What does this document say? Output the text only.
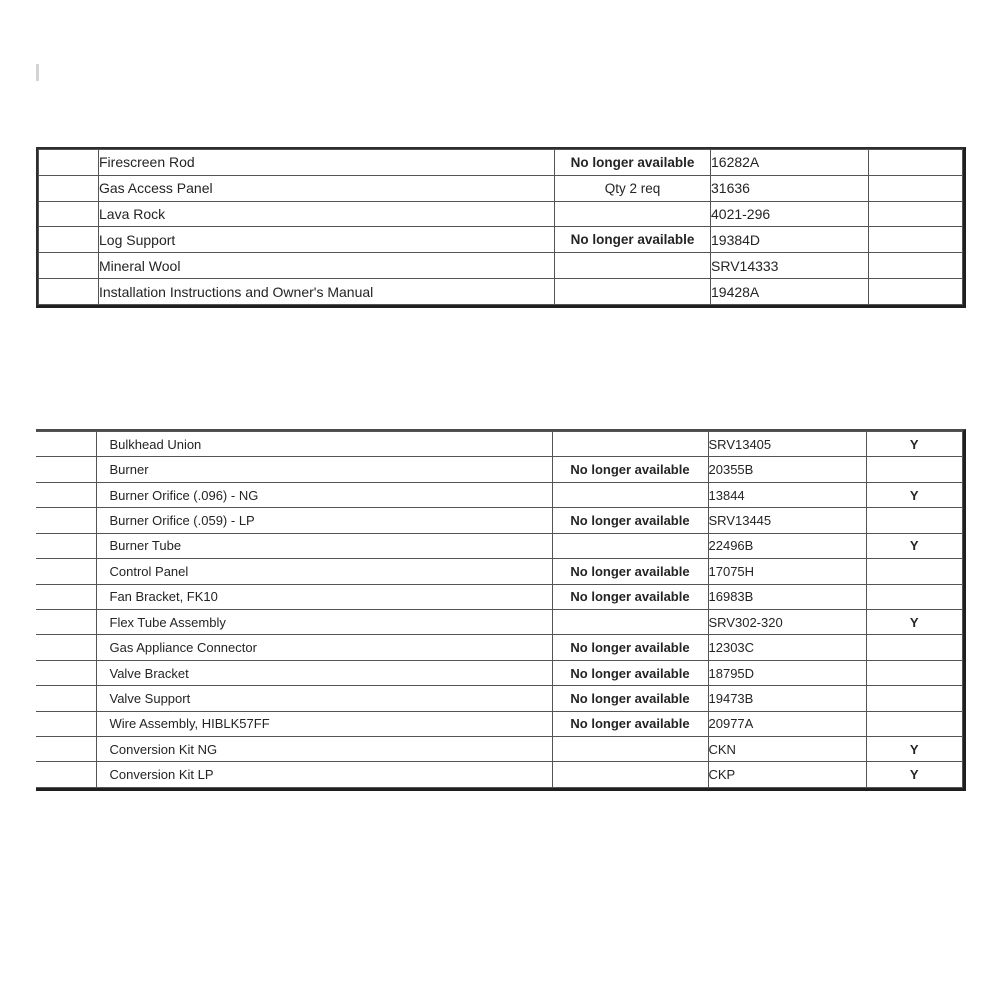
	Firescreen Rod	No longer available	16282A	
	Gas Access Panel	Qty 2 req	31636	
	Lava Rock		4021-296	
	Log Support	No longer available	19384D	
	Mineral Wool		SRV14333	
	Installation Instructions and Owner's Manual		19428A	
	Bulkhead Union		SRV13405	Y
	Burner	No longer available	20355B	
	Burner Orifice (.096) - NG		13844	Y
	Burner Orifice (.059) - LP	No longer available	SRV13445	
	Burner Tube		22496B	Y
	Control Panel	No longer available	17075H	
	Fan Bracket, FK10	No longer available	16983B	
	Flex Tube Assembly		SRV302-320	Y
	Gas Appliance Connector	No longer available	12303C	
	Valve Bracket	No longer available	18795D	
	Valve Support	No longer available	19473B	
	Wire Assembly, HIBLK57FF	No longer available	20977A	
	Conversion Kit NG		CKN	Y
	Conversion Kit LP		CKP	Y
